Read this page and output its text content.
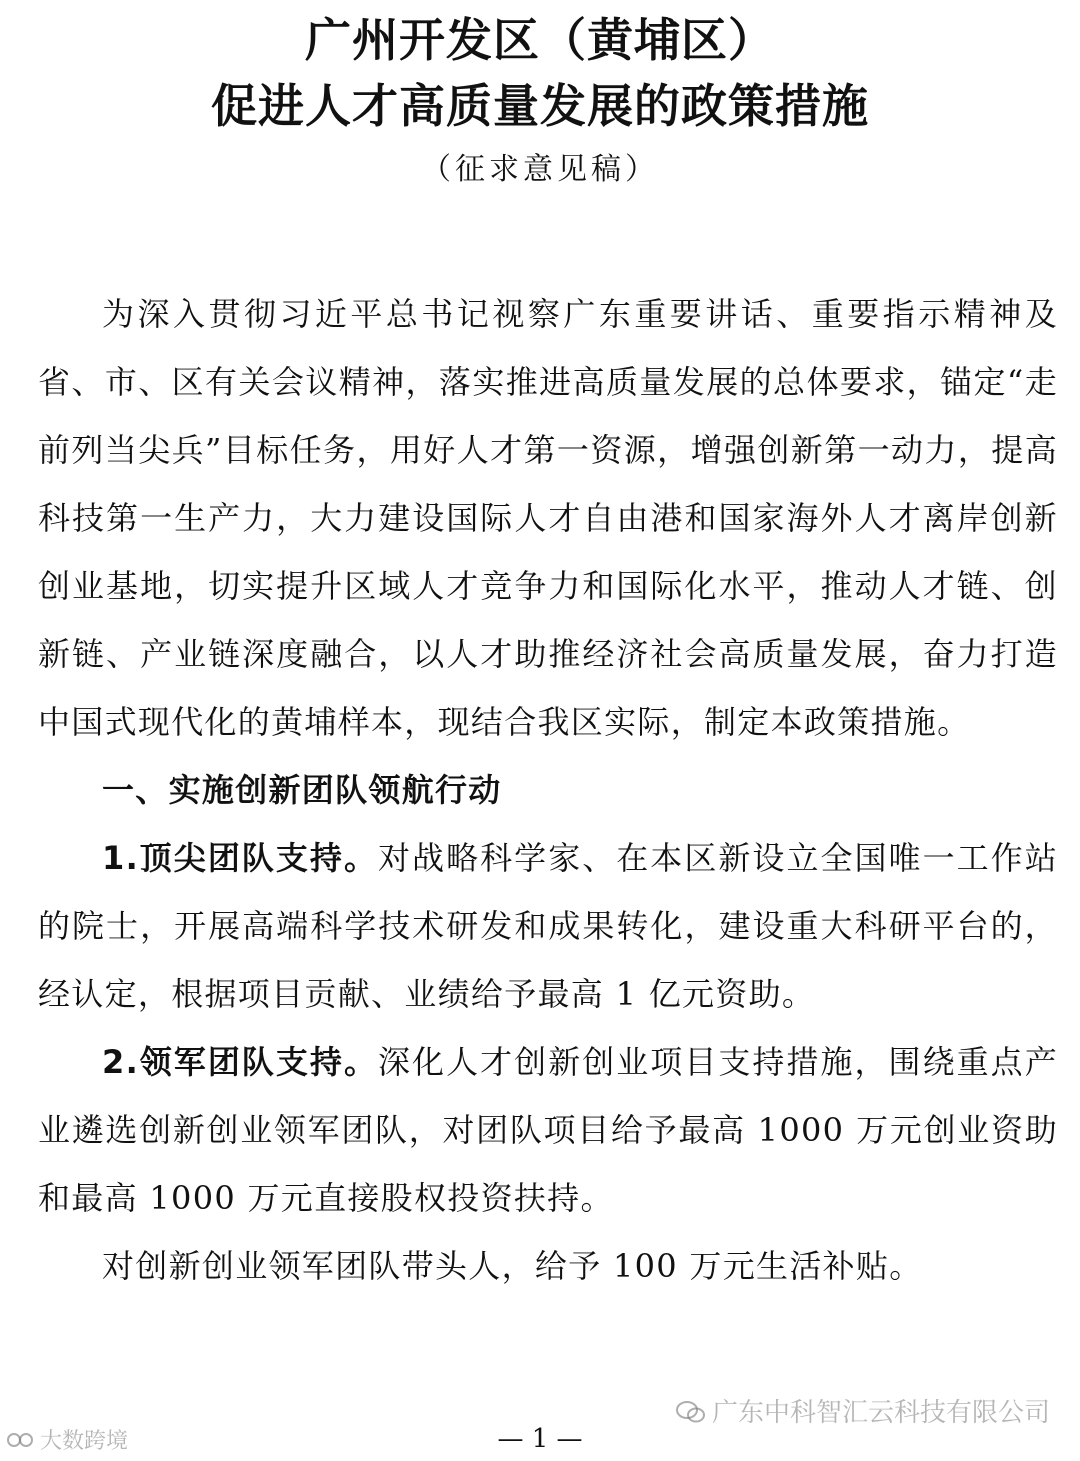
广州开发区（黄埔区）
促进人才高质量发展的政策措施
（征求意见稿）

为深入贯彻习近平总书记视察广东重要讲话、重要指示精神及省、市、区有关会议精神，落实推进高质量发展的总体要求，锚定“走前列当尖兵”目标任务，用好人才第一资源，增强创新第一动力，提高科技第一生产力，大力建设国际人才自由港和国家海外人才离岸创新创业基地，切实提升区域人才竞争力和国际化水平，推动人才链、创新链、产业链深度融合，以人才助推经济社会高质量发展，奋力打造中国式现代化的黄埔样本，现结合我区实际，制定本政策措施。

一、实施创新团队领航行动

1.顶尖团队支持。对战略科学家、在本区新设立全国唯一工作站的院士，开展高端科学技术研发和成果转化，建设重大科研平台的，经认定，根据项目贡献、业绩给予最高 1 亿元资助。

2.领军团队支持。深化人才创新创业项目支持措施，围绕重点产业遴选创新创业领军团队，对团队项目给予最高 1000 万元创业资助和最高 1000 万元直接股权投资扶持。

对创新创业领军团队带头人，给予 100 万元生活补贴。

广东中科智汇云科技有限公司
大数跨境	— 1 —
